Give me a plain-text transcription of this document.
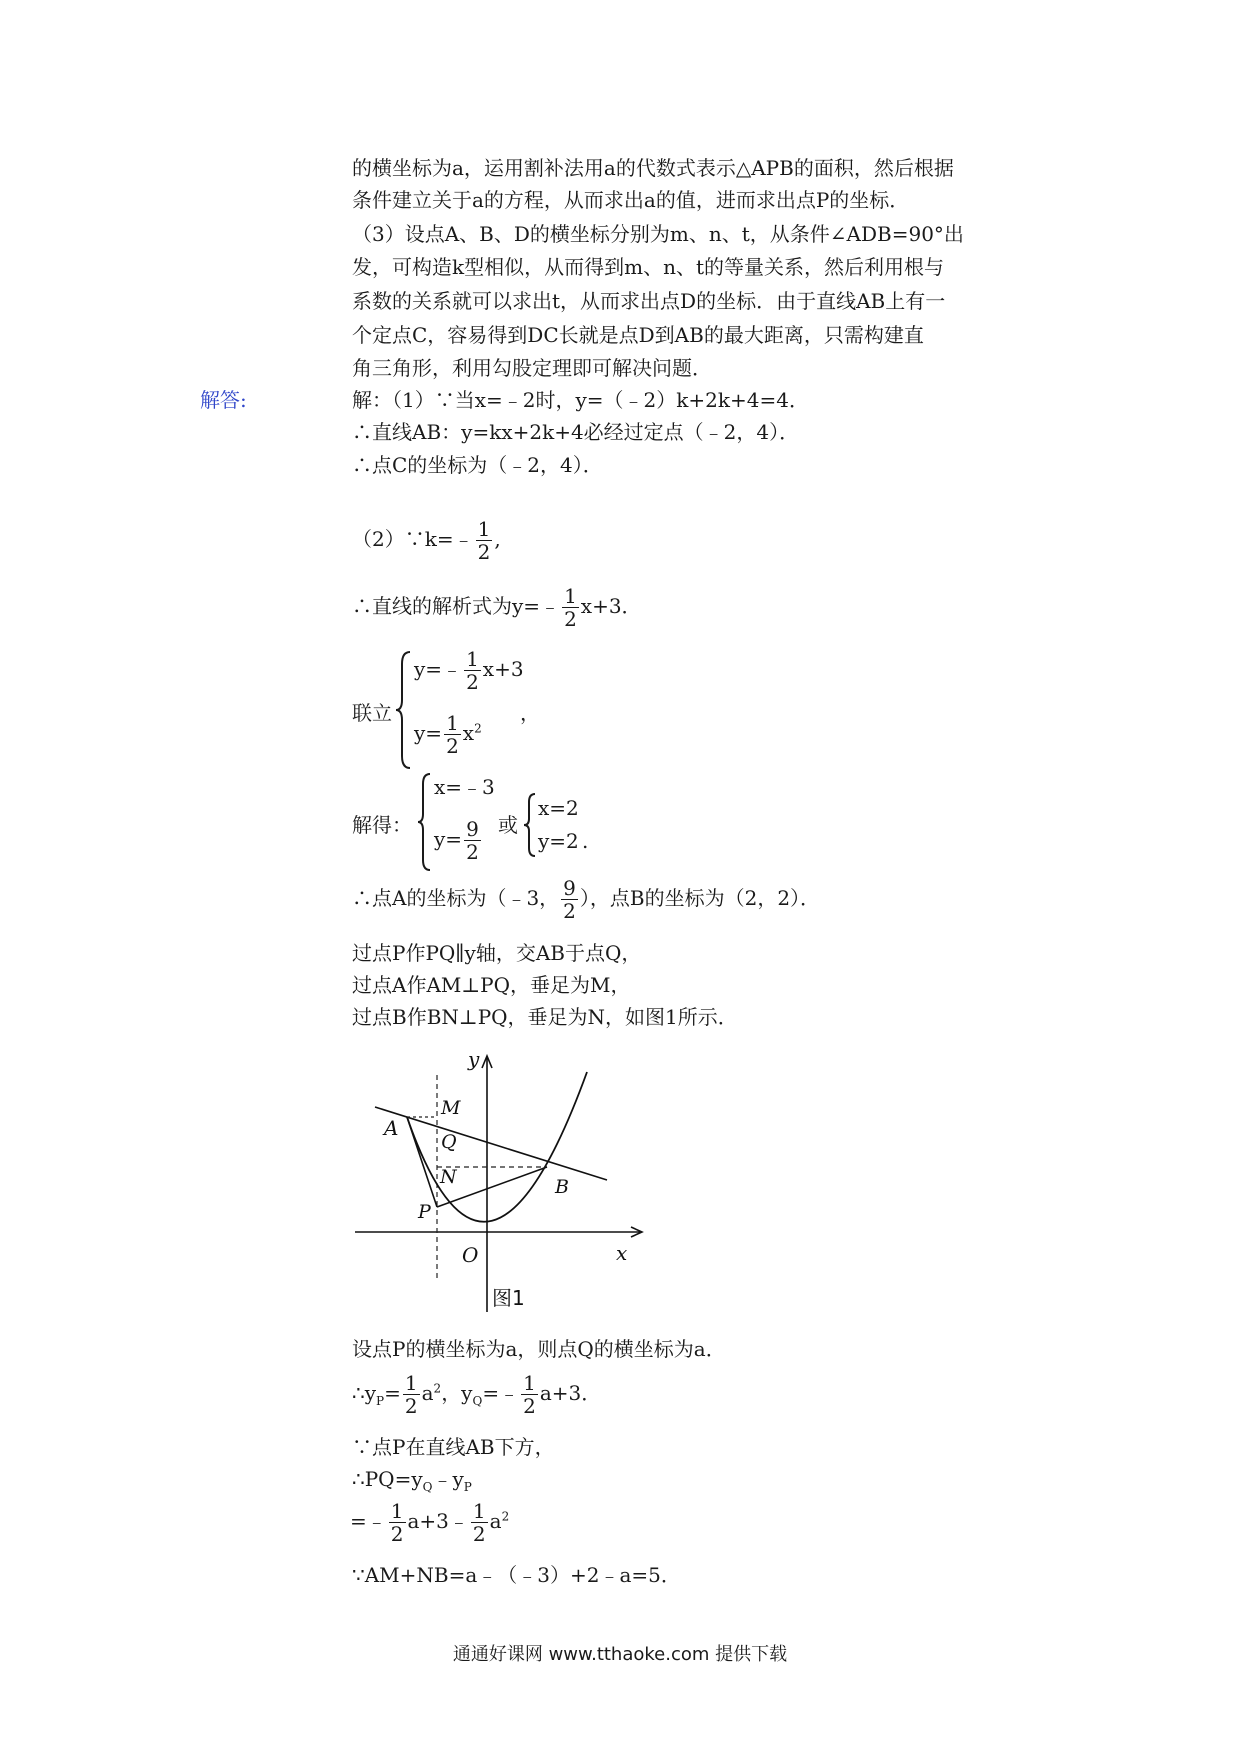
的横坐标为a，运用割补法用a的代数式表示△APB的面积，然后根据
条件建立关于a的方程，从而求出a的值，进而求出点P的坐标．
（3）设点A、B、D的横坐标分别为m、n、t，从条件∠ADB=90°出
发，可构造k型相似，从而得到m、n、t的等量关系，然后利用根与
系数的关系就可以求出t，从而求出点D的坐标．由于直线AB上有一
个定点C，容易得到DC长就是点D到AB的最大距离，只需构建直
角三角形，利用勾股定理即可解决问题．
解答:	解：（1）∵当x=﹣2时，y=（﹣2）k+2k+4=4．
∴直线AB：y=kx+2k+4必经过定点（﹣2，4）．
∴点C的坐标为（﹣2，4）．
（2）∵k=﹣ $\frac{1}{2}$ ,
∴直线的解析式为y=﹣ $\frac{1}{2} x+3$．
联立
y=﹣ $\frac{1}{2} x+3$
$y= \frac{1}{2} x^2$
，
解得：
x=﹣3
$y= \frac{9}{2}$ 或
x=2
y=2 .
∴点A的坐标为（﹣3， $\frac{9}{2}$ ），点B的坐标为（2，2）．
过点P作PQ∥y轴，交AB于点Q，
过点A作AM⊥PQ，垂足为M，
过点B作BN⊥PQ，垂足为N，如图1所示．
y
x
O
A
M
Q
N
P
B
图1
设点P的横坐标为a，则点Q的横坐标为a．
$\therefore y_P= \frac{1}{2} a^2$，$y_Q=﹣ \frac{1}{2} a+3$．
∵点P在直线AB下方，
$\therefore PQ=y_Q﹣y_P$
=﹣ $\frac{1}{2}$ a+3﹣ $\frac{1}{2} a^2$
∵AM+NB=a﹣（﹣3）+2﹣a=5．
通通好课网 www.tthaoke.com 提供下载
